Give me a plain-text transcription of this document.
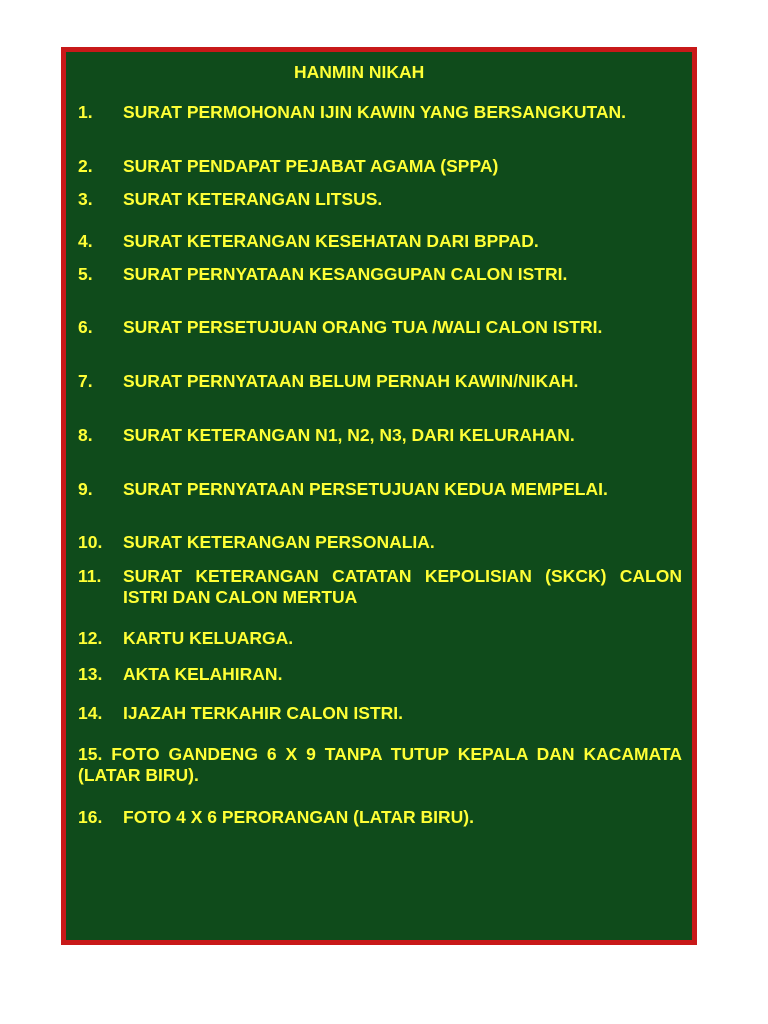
HANMIN NIKAH
1. SURAT PERMOHONAN IJIN KAWIN YANG BERSANGKUTAN.
2. SURAT PENDAPAT PEJABAT AGAMA (SPPA)
3. SURAT KETERANGAN LITSUS.
4. SURAT KETERANGAN KESEHATAN DARI BPPAD.
5. SURAT PERNYATAAN KESANGGUPAN CALON ISTRI.
6. SURAT PERSETUJUAN ORANG TUA /WALI CALON ISTRI.
7. SURAT PERNYATAAN BELUM PERNAH KAWIN/NIKAH.
8. SURAT KETERANGAN N1, N2, N3, DARI KELURAHAN.
9. SURAT PERNYATAAN PERSETUJUAN KEDUA MEMPELAI.
10. SURAT KETERANGAN PERSONALIA.
11. SURAT KETERANGAN CATATAN KEPOLISIAN (SKCK) CALON ISTRI DAN CALON MERTUA
12. KARTU KELUARGA.
13. AKTA KELAHIRAN.
14. IJAZAH TERKAHIR CALON ISTRI.
15. FOTO GANDENG 6 X 9 TANPA TUTUP KEPALA DAN KACAMATA (LATAR BIRU).
16. FOTO 4 X 6 PERORANGAN (LATAR BIRU).
